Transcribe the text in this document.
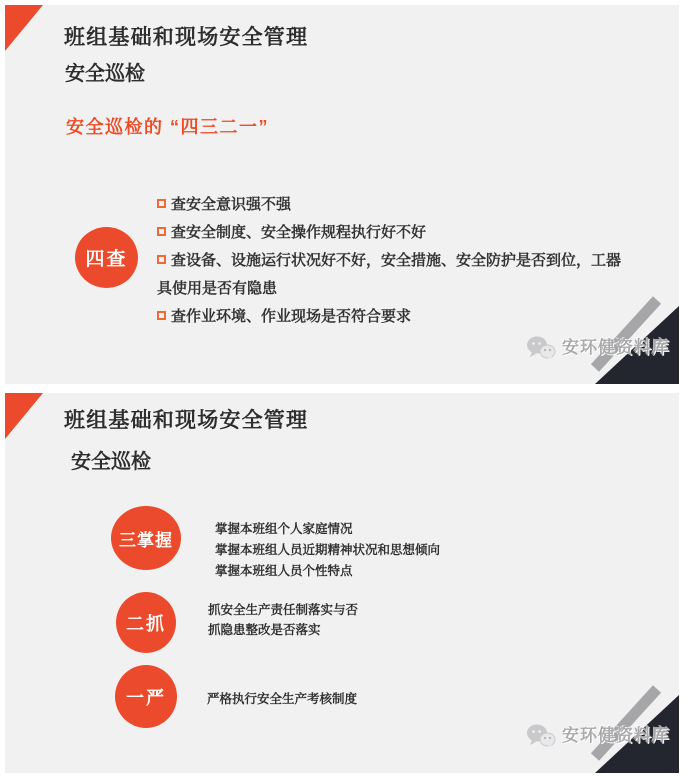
班组基础和现场安全管理
安全巡检
安全巡检的 “四三二一”
四查
查安全意识强不强
查安全制度、安全操作规程执行好不好
查设备、设施运行状况好不好，安全措施、安全防护是否到位，工器具使用是否有隐患
查作业环境、作业现场是否符合要求
安环健资料库
班组基础和现场安全管理
安全巡检
三掌握
掌握本班组个人家庭情况
掌握本班组人员近期精神状况和思想倾向
掌握本班组人员个性特点
二抓
抓安全生产责任制落实与否
抓隐患整改是否落实
一严	严格执行安全生产考核制度
安环健资料库
